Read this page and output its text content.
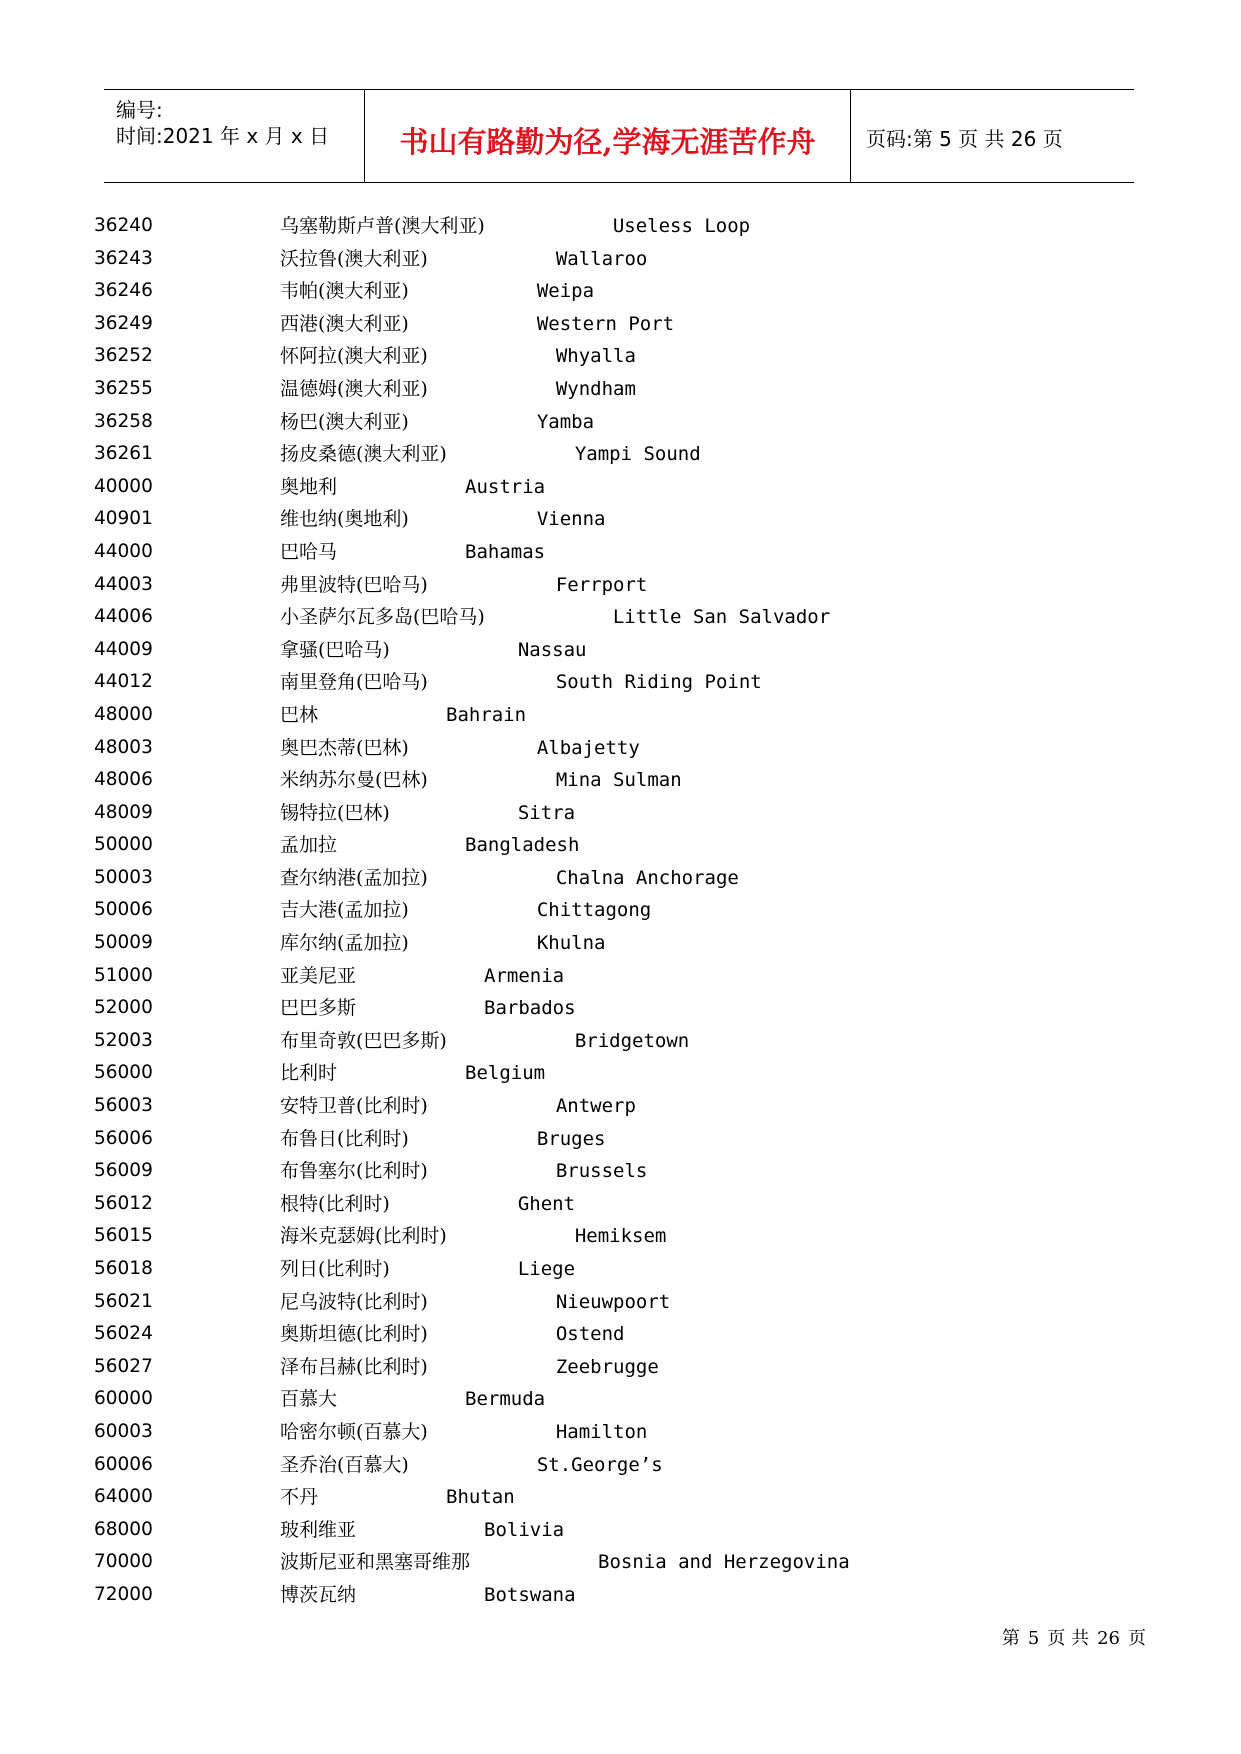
编号:
时间:2021 年 x 月 x 日	书山有路勤为径,学海无涯苦作舟	页码:第 5 页 共 26 页
36240	乌塞勒斯卢普(澳大利亚)	Useless Loop
36243	沃拉鲁(澳大利亚)	Wallaroo
36246	韦帕(澳大利亚)	Weipa
36249	西港(澳大利亚)	Western Port
36252	怀阿拉(澳大利亚)	Whyalla
36255	温德姆(澳大利亚)	Wyndham
36258	杨巴(澳大利亚)	Yamba
36261	扬皮桑德(澳大利亚)	Yampi Sound
40000	奥地利	Austria
40901	维也纳(奥地利)	Vienna
44000	巴哈马	Bahamas
44003	弗里波特(巴哈马)	Ferrport
44006	小圣萨尔瓦多岛(巴哈马)	Little San Salvador
44009	拿骚(巴哈马)	Nassau
44012	南里登角(巴哈马)	South Riding Point
48000	巴林	Bahrain
48003	奥巴杰蒂(巴林)	Albajetty
48006	米纳苏尔曼(巴林)	Mina Sulman
48009	锡特拉(巴林)	Sitra
50000	孟加拉	Bangladesh
50003	查尔纳港(孟加拉)	Chalna Anchorage
50006	吉大港(孟加拉)	Chittagong
50009	库尔纳(孟加拉)	Khulna
51000	亚美尼亚	Armenia
52000	巴巴多斯	Barbados
52003	布里奇敦(巴巴多斯)	Bridgetown
56000	比利时	Belgium
56003	安特卫普(比利时)	Antwerp
56006	布鲁日(比利时)	Bruges
56009	布鲁塞尔(比利时)	Brussels
56012	根特(比利时)	Ghent
56015	海米克瑟姆(比利时)	Hemiksem
56018	列日(比利时)	Liege
56021	尼乌波特(比利时)	Nieuwpoort
56024	奥斯坦德(比利时)	Ostend
56027	泽布吕赫(比利时)	Zeebrugge
60000	百慕大	Bermuda
60003	哈密尔顿(百慕大)	Hamilton
60006	圣乔治(百慕大)	St.George’s
64000	不丹	Bhutan
68000	玻利维亚	Bolivia
70000	波斯尼亚和黑塞哥维那	Bosnia and Herzegovina
72000	博茨瓦纳	Botswana
第 5 页 共 26 页
